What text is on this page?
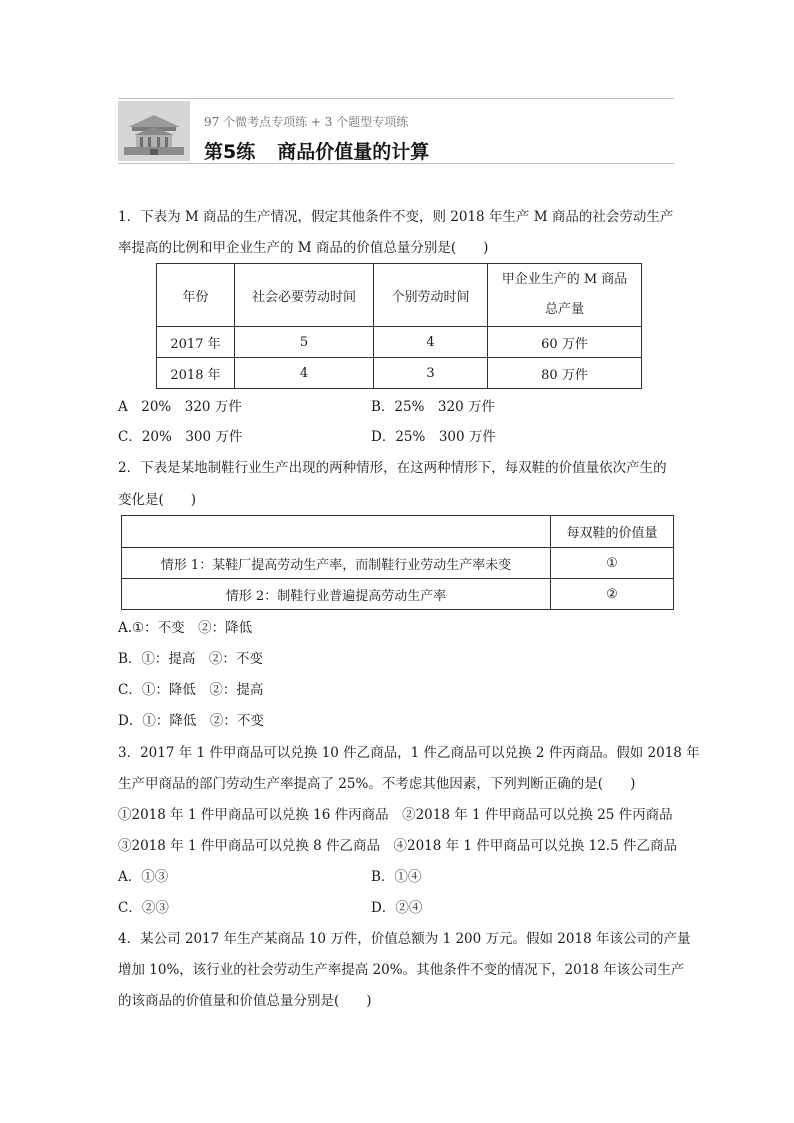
97 个微考点专项练 + 3 个题型专项练
第5练 商品价值量的计算
1．下表为 M 商品的生产情况，假定其他条件不变，则 2018 年生产 M 商品的社会劳动生产
率提高的比例和甲企业生产的 M 商品的价值总量分别是(　　)
年份	社会必要劳动时间	个别劳动时间	甲企业生产的 M 商品
总产量
2017 年	5	4	60 万件
2018 年	4	3	80 万件
A　20%　320 万件	B．25%　320 万件
C．20%　300 万件	D．25%　300 万件
2．下表是某地制鞋行业生产出现的两种情形，在这两种情形下，每双鞋的价值量依次产生的
变化是(　　)
	每双鞋的价值量
情形 1：某鞋厂提高劳动生产率，而制鞋行业劳动生产率未变	①
情形 2：制鞋行业普遍提高劳动生产率	②
A.①：不变　②：降低
B．①：提高　②：不变
C．①：降低　②：提高
D．①：降低　②：不变
3．2017 年 1 件甲商品可以兑换 10 件乙商品，1 件乙商品可以兑换 2 件丙商品。假如 2018 年
生产甲商品的部门劳动生产率提高了 25%。不考虑其他因素，下列判断正确的是(　　)
①2018 年 1 件甲商品可以兑换 16 件丙商品　②2018 年 1 件甲商品可以兑换 25 件丙商品
③2018 年 1 件甲商品可以兑换 8 件乙商品　④2018 年 1 件甲商品可以兑换 12.5 件乙商品
A．①③	B．①④
C．②③	D．②④
4．某公司 2017 年生产某商品 10 万件，价值总额为 1 200 万元。假如 2018 年该公司的产量
增加 10%，该行业的社会劳动生产率提高 20%。其他条件不变的情况下，2018 年该公司生产
的该商品的价值量和价值总量分别是(　　)
